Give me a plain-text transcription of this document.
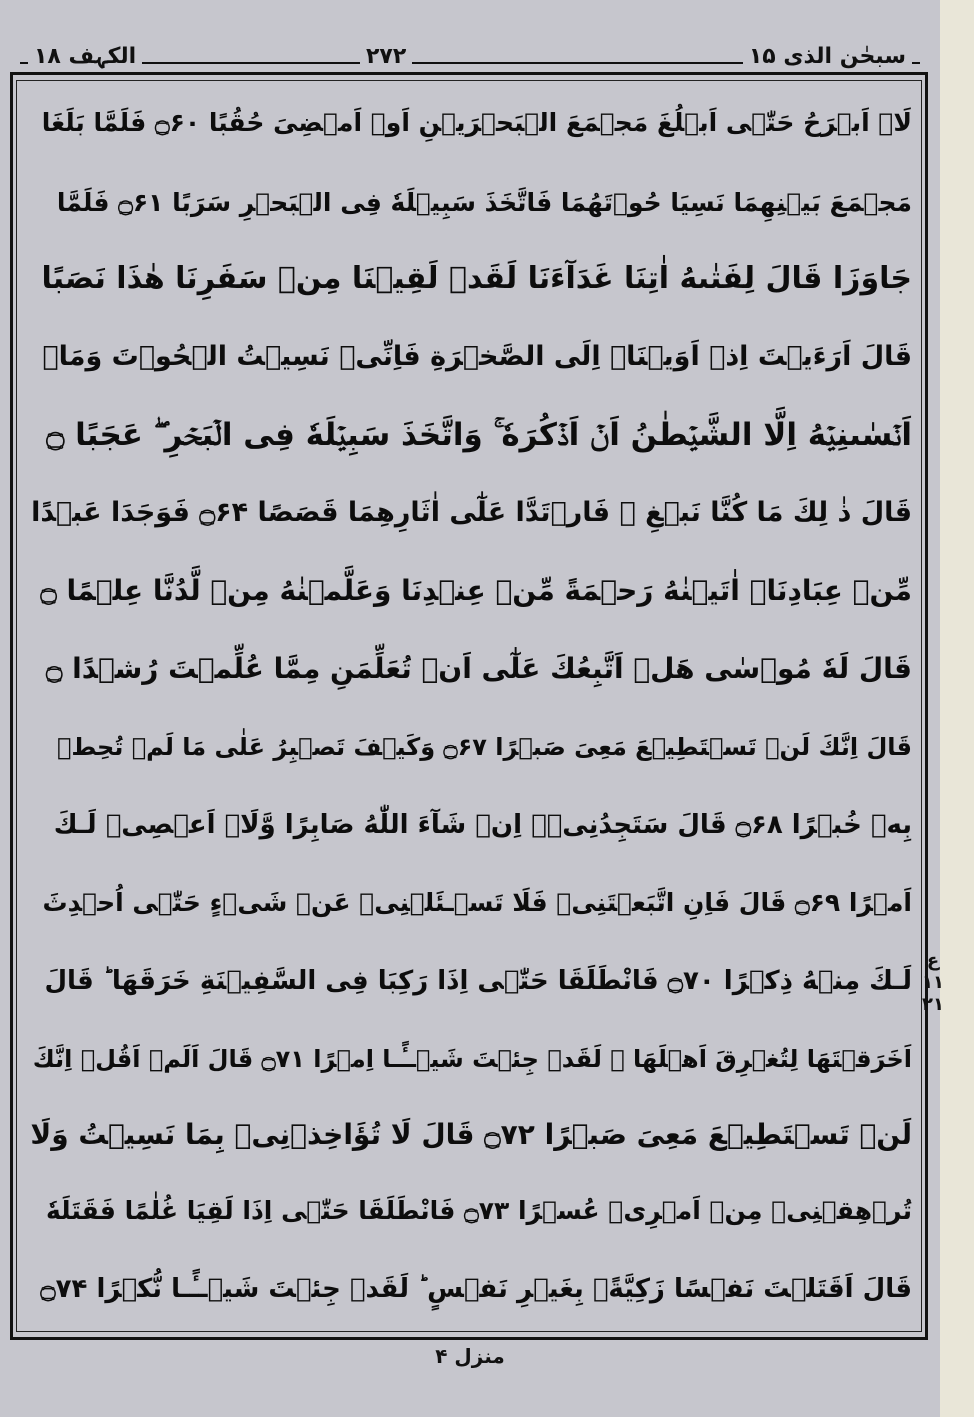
سبحٰن الذی ۱۵
۲۷۲
الکہف ۱۸
لَاۤ اَبۡرَحُ حَتّٰۤى اَبۡلُغَ مَجۡمَعَ الۡبَحۡرَيۡنِ اَوۡ اَمۡضِىَ حُقُبًا ۝۶۰ فَلَمَّا بَلَغَا
مَجۡمَعَ بَيۡنِهِمَا نَسِيَا حُوۡتَهُمَا فَاتَّخَذَ سَبِيۡلَهٗ فِى الۡبَحۡرِ سَرَبًا ۝۶۱ فَلَمَّا
جَاوَزَا قَالَ لِفَتٰٮهُ اٰتِنَا غَدَآءَنَا لَقَدۡ لَقِيۡنَا مِنۡ سَفَرِنَا هٰذَا نَصَبًا
قَالَ اَرَءَيۡتَ اِذۡ اَوَيۡنَاۤ اِلَى الصَّخۡرَةِ فَاِنِّىۡ نَسِيۡتُ الۡحُوۡتَ وَمَاۤ
اَنۡسٰٮنِيۡهُ اِلَّا الشَّيۡطٰنُ اَنۡ اَذۡكُرَهٗ‌ ۚ وَاتَّخَذَ سَبِيۡلَهٗ فِى الۡبَحۡرِ ‌ۖ عَجَبًا ۝
قَالَ ذٰ لِكَ مَا كُنَّا نَبۡغِ ‌ۖ فَارۡتَدَّا عَلٰٓى اٰثَارِهِمَا قَصَصًا ۝۶۴ فَوَجَدَا عَبۡدًا
مِّنۡ عِبَادِنَاۤ اٰتَيۡنٰهُ رَحۡمَةً مِّنۡ عِنۡدِنَا وَعَلَّمۡنٰهُ مِنۡ لَّدُنَّا عِلۡمًا ۝
قَالَ لَهٗ مُوۡسٰى هَلۡ اَتَّبِعُكَ عَلٰٓى اَنۡ تُعَلِّمَنِ مِمَّا عُلِّمۡتَ رُشۡدًا ۝
قَالَ اِنَّكَ لَنۡ تَسۡتَطِيۡعَ مَعِىَ صَبۡرًا ۝۶۷ وَكَيۡفَ تَصۡبِرُ عَلٰى مَا لَمۡ تُحِطۡ
بِهٖ خُبۡرًا ۝۶۸ قَالَ سَتَجِدُنِىۡۤ اِنۡ شَآءَ اللّٰهُ صَابِرًا وَّلَاۤ اَعۡصِىۡ لَـكَ
اَمۡرًا ۝۶۹ قَالَ فَاِنِ اتَّبَعۡتَنِىۡ فَلَا تَسۡـئَلۡنِىۡ عَنۡ شَىۡءٍ حَتّٰۤى اُحۡدِثَ
لَـكَ مِنۡهُ ذِكۡرًا ۝۷۰ فَانْطَلَقَا حَتّٰۤى اِذَا رَكِبَا فِى السَّفِيۡنَةِ خَرَقَهَا ‌ؕ قَالَ
اَخَرَقۡتَهَا لِتُغۡرِقَ اَهۡلَهَا‌ ۚ لَقَدۡ جِئۡتَ شَيۡــًٔـا اِمۡرًا ۝۷۱ قَالَ اَلَمۡ اَقُلۡ اِنَّكَ
لَنۡ تَسۡتَطِيۡعَ مَعِىَ صَبۡرًا ۝۷۲ قَالَ لَا تُؤَاخِذۡنِىۡ بِمَا نَسِيۡتُ وَلَا
تُرۡهِقۡنِىۡ مِنۡ اَمۡرِىۡ عُسۡرًا ۝۷۳ فَانْطَلَقَا حَتّٰۤى اِذَا لَقِيَا غُلٰمًا فَقَتَلَهٗ
قَالَ اَقَتَلۡتَ نَفۡسًا زَكِيَّةًۢ بِغَيۡرِ نَفۡسٍ ؕ لَقَدۡ جِئۡتَ شَيۡــًٔـا نُّكۡرًا ۝۷۴
ع ۱۱ ۲۱
منزل ۴
